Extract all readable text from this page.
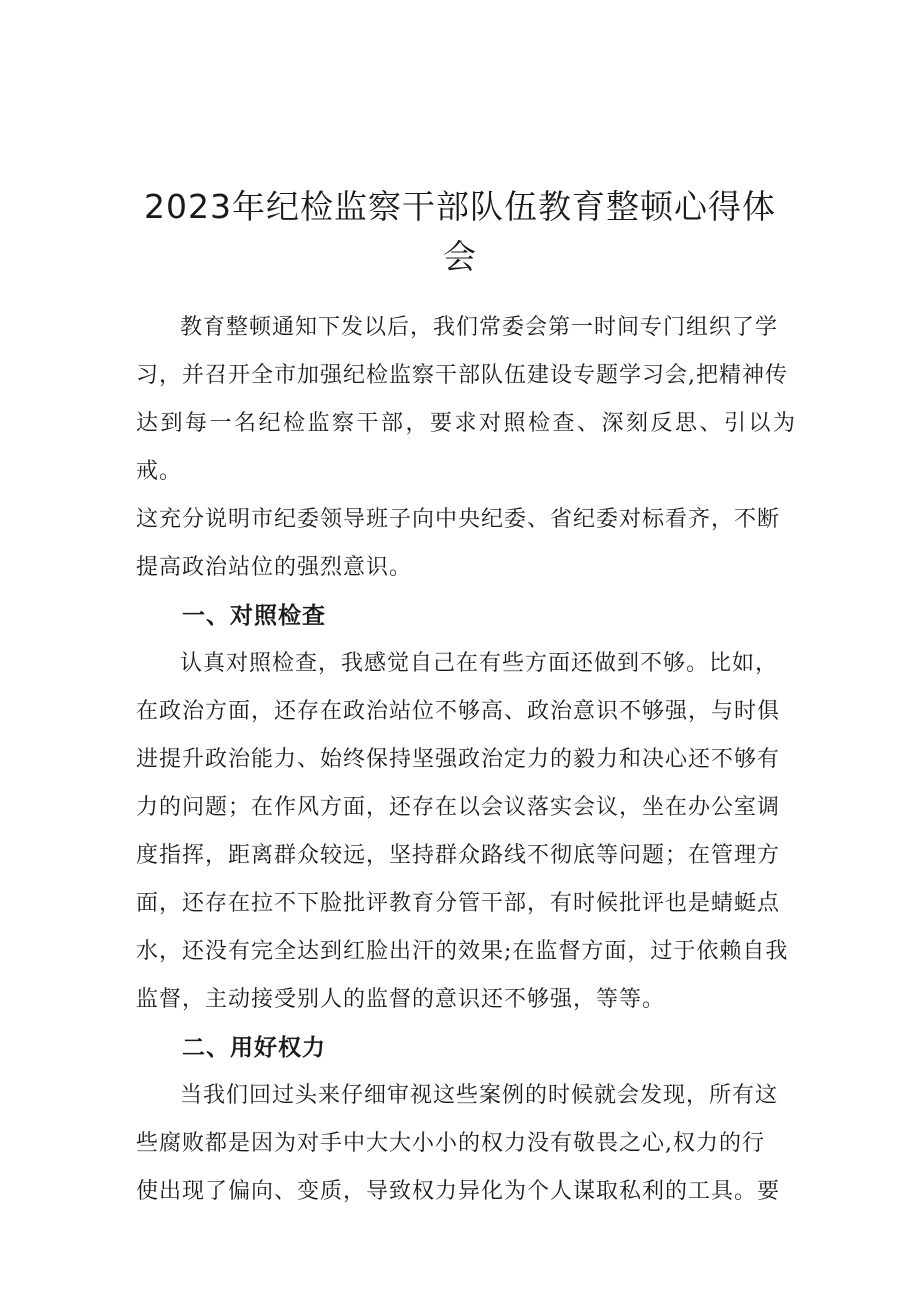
2023年纪检监察干部队伍教育整顿心得体
会

教育整顿通知下发以后，我们常委会第一时间专门组织了学
习，并召开全市加强纪检监察干部队伍建设专题学习会,把精神传
达到每一名纪检监察干部，要求对照检查、深刻反思、引以为戒。
这充分说明市纪委领导班子向中央纪委、省纪委对标看齐，不断
提高政治站位的强烈意识。

一、对照检查

认真对照检查，我感觉自己在有些方面还做到不够。比如，
在政治方面，还存在政治站位不够高、政治意识不够强，与时俱
进提升政治能力、始终保持坚强政治定力的毅力和决心还不够有
力的问题；在作风方面，还存在以会议落实会议，坐在办公室调
度指挥，距离群众较远，坚持群众路线不彻底等问题；在管理方
面，还存在拉不下脸批评教育分管干部，有时候批评也是蜻蜓点
水，还没有完全达到红脸出汗的效果;在监督方面，过于依赖自我
监督，主动接受别人的监督的意识还不够强，等等。

二、用好权力

当我们回过头来仔细审视这些案例的时候就会发现，所有这
些腐败都是因为对手中大大小小的权力没有敬畏之心,权力的行
使出现了偏向、变质，导致权力异化为个人谋取私利的工具。要
